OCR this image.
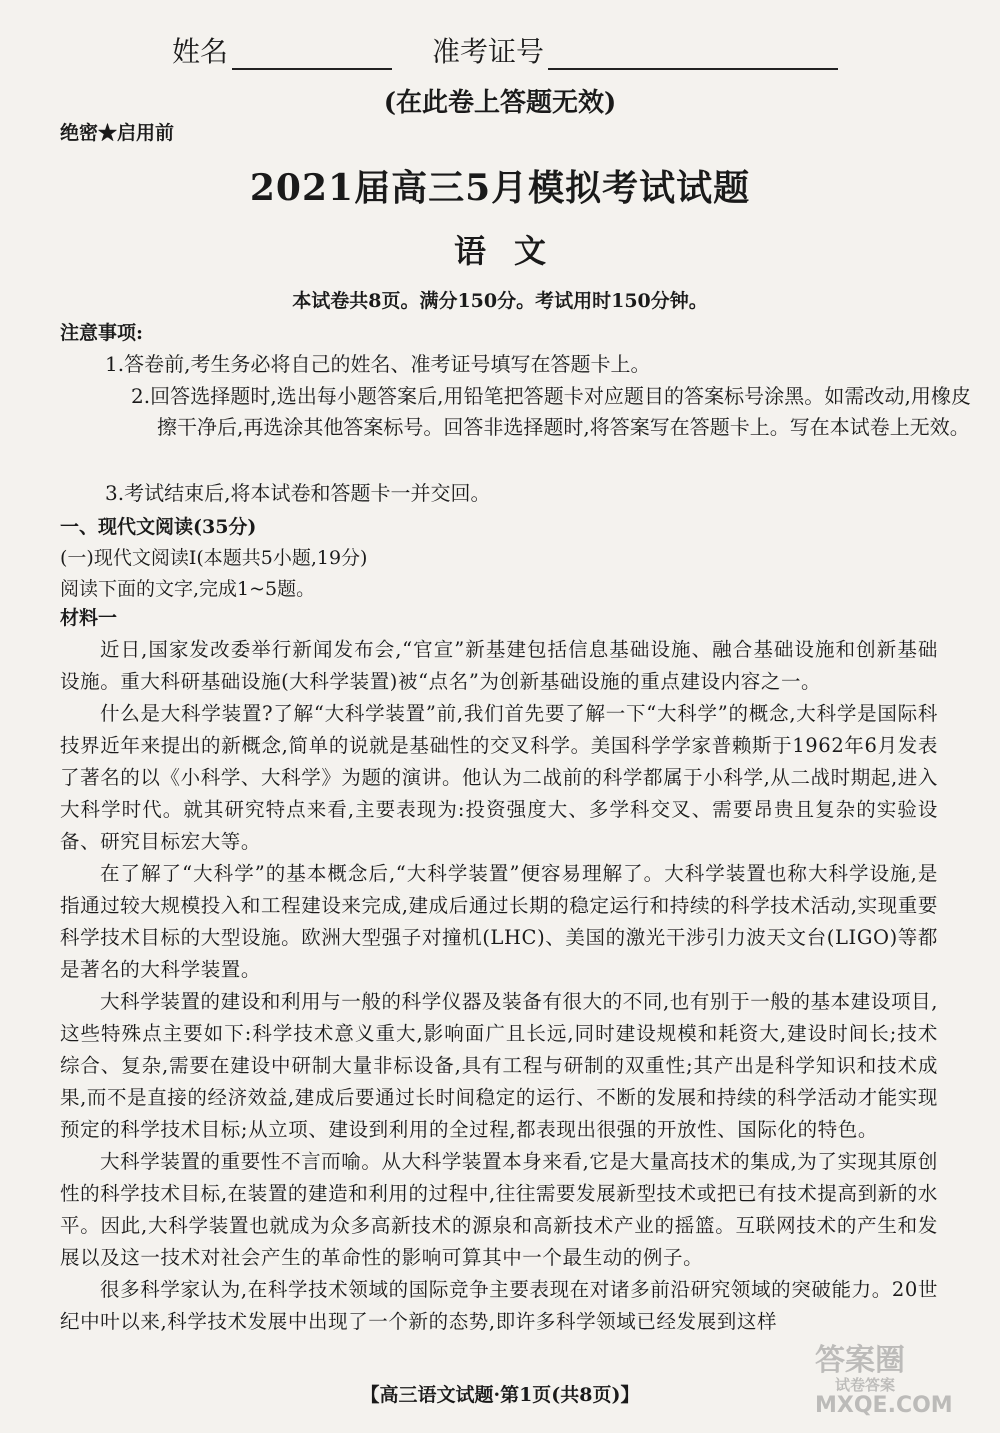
姓名	准考证号
(在此卷上答题无效)
绝密★启用前
2021届高三5月模拟考试试题
语文
本试卷共8页。满分150分。考试用时150分钟。
注意事项:
1.答卷前,考生务必将自己的姓名、准考证号填写在答题卡上。
2.回答选择题时,选出每小题答案后,用铅笔把答题卡对应题目的答案标号涂黑。如需改动,用橡皮擦干净后,再选涂其他答案标号。回答非选择题时,将答案写在答题卡上。写在本试卷上无效。
3.考试结束后,将本试卷和答题卡一并交回。
一、现代文阅读(35分)
(一)现代文阅读Ⅰ(本题共5小题,19分)
阅读下面的文字,完成1~5题。
材料一

近日,国家发改委举行新闻发布会,“官宣”新基建包括信息基础设施、融合基础设施和创新基础设施。重大科研基础设施(大科学装置)被“点名”为创新基础设施的重点建设内容之一。

什么是大科学装置?了解“大科学装置”前,我们首先要了解一下“大科学”的概念,大科学是国际科技界近年来提出的新概念,简单的说就是基础性的交叉科学。美国科学学家普赖斯于1962年6月发表了著名的以《小科学、大科学》为题的演讲。他认为二战前的科学都属于小科学,从二战时期起,进入大科学时代。就其研究特点来看,主要表现为:投资强度大、多学科交叉、需要昂贵且复杂的实验设备、研究目标宏大等。

在了解了“大科学”的基本概念后,“大科学装置”便容易理解了。大科学装置也称大科学设施,是指通过较大规模投入和工程建设来完成,建成后通过长期的稳定运行和持续的科学技术活动,实现重要科学技术目标的大型设施。欧洲大型强子对撞机(LHC)、美国的激光干涉引力波天文台(LIGO)等都是著名的大科学装置。

大科学装置的建设和利用与一般的科学仪器及装备有很大的不同,也有别于一般的基本建设项目,这些特殊点主要如下:科学技术意义重大,影响面广且长远,同时建设规模和耗资大,建设时间长;技术综合、复杂,需要在建设中研制大量非标设备,具有工程与研制的双重性;其产出是科学知识和技术成果,而不是直接的经济效益,建成后要通过长时间稳定的运行、不断的发展和持续的科学活动才能实现预定的科学技术目标;从立项、建设到利用的全过程,都表现出很强的开放性、国际化的特色。

大科学装置的重要性不言而喻。从大科学装置本身来看,它是大量高技术的集成,为了实现其原创性的科学技术目标,在装置的建造和利用的过程中,往往需要发展新型技术或把已有技术提高到新的水平。因此,大科学装置也就成为众多高新技术的源泉和高新技术产业的摇篮。互联网技术的产生和发展以及这一技术对社会产生的革命性的影响可算其中一个最生动的例子。

很多科学家认为,在科学技术领域的国际竞争主要表现在对诸多前沿研究领域的突破能力。20世纪中叶以来,科学技术发展中出现了一个新的态势,即许多科学领域已经发展到这样

【高三语文试题·第1页(共8页)】
答案圈
试卷答案
MXQE.COM
